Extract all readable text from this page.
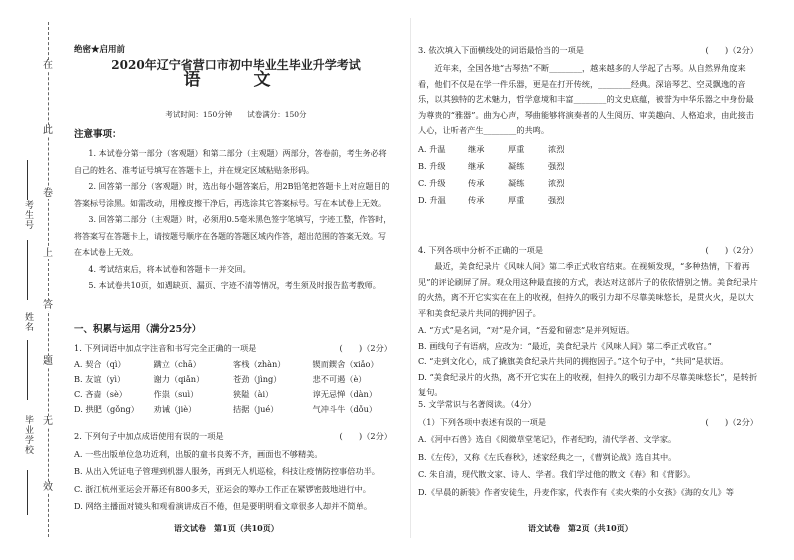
在
此
卷
上
答
题
无
效
考生号
姓名
毕业学校
绝密★启用前
2020年辽宁省营口市初中毕业生毕业升学考试
语　文
考试时间：150分钟　　试卷满分：150分
注意事项：

1. 本试卷分第一部分（客观题）和第二部分（主观题）两部分，答卷前，考生务必将自己的姓名、准考证号填写在答题卡上，并在规定区域粘贴条形码。

2. 回答第一部分（客观题）时，选出每小题答案后，用2B铅笔把答题卡上对应题目的答案标号涂黑。如需改动，用橡皮擦干净后，再选涂其它答案标号。写在本试卷上无效。

3. 回答第二部分（主观题）时，必须用0.5毫米黑色签字笔填写，字迹工整，作答时，将答案写在答题卡上，请按题号顺序在各题的答题区域内作答，超出范围的答案无效。写在本试卷上无效。

4. 考试结束后，将本试卷和答题卡一并交回。

5. 本试卷共10页，如遇缺页、漏页、字迹不清等情况，考生须及时报告监考教师。

一、积累与运用（满分25分）

1. 下列词语中加点字注音和书写完全正确的一项是	(　　)（2分）

A. 契合（qì）	蹒立（chā）	客栈（zhàn）	锲而鍥舍（xiǎo）
B. 友谊（yì）	谢力（qiǎn）	苍劲（jìng）	悲不可遏（è）
C. 吝啬（sè）	作祟（suì）	狭隘（ài）	谆无忌惮（dàn）
D. 拱肥（gǒng）	劝诫（jiè）	拮据（jué）	气冲斗牛（dǒu）

2. 下列句子中加点成语使用有误的一项是	(　　)（2分）

A. 一些出版单位急功近利，出版的童书良莠不齐，画面也不够精美。

B. 从出入凭证电子管理到机器人服务，再到无人机巡检，科技让疫情防控事倍功半。

C. 浙江杭州亚运会开幕还有800多天，亚运会的筹办工作正在紧锣密鼓地进行中。

D. 网络主播面对镜头和观看演讲成百不倦，但是要明明看文章很多人却并不简单。

语文试卷　第1页（共10页）

3. 依次填入下面横线处的词语最恰当的一项是	(　　)（2分）

近年来，全国各地“古琴热”不断________，越来越多的人学起了古琴。从自然界角度来看，他们不仅是在学一件乐器，更是在打开传统，________经典。深谙琴艺、空灵飘逸的音乐，以其独特的艺术魅力，哲学意境和丰富________的文史底蕴，被誉为中华乐器之中身份最为尊贵的“雅器”。曲为心声，琴曲能够将演奏者的人生阅历、审美趣向、人格追求，由此接击人心，让听者产生________的共鸣。

A. 升温	继承	厚重	浓烈
B. 升级	继承	凝练	强烈
C. 升级	传承	凝练	浓烈
D. 升温	传承	厚重	强烈

4. 下列各项中分析不正确的一项是	(　　)（2分）

最近，美食纪录片《风味人间》第二季正式收官结束。在视频发现，“多种热情，下着再见”的评论刷屏了屏。观众用这种最直接的方式，表达对这部片子的依依惜别之情。美食纪录片的火热，离不开它实实在在上的收视，但持久的吸引力却不尽靠美味悠长，是贯火火，是以大平和美食纪录片共同的拥护因子。

A. “方式”是名词，“对”是介词，“吾爱和留恋”是并列短语。

B. 画线句子有语病，应改为：“最近，美食纪录片《风味人间》第二季正式收官。”

C. “走到文化心，成了撬旗美食纪录片共同的拥抱因子。”这个句子中，“共同”是状语。

D. “美食纪录片的火热，离不开它实在上的收视，但持久的吸引力却不尽靠美味悠长”，是转折复句。

5. 文学常识与名著阅读。（4分）

（1）下列各项中表述有误的一项是	(　　)（2分）

A.《河中石兽》选自《阅微草堂笔记》，作者纪昀，清代学者、文学家。

B.《左传》，又称《左氏春秋》，述家经典之一，《曹刿论战》选自其中。

C. 朱自清，现代散文家、诗人、学者。我们学过他的散文《春》和《背影》。

D.《早晨的新装》作者安徒生，丹麦作家，代表作有《卖火柴的小女孩》《海的女儿》等

语文试卷　第2页（共10页）
